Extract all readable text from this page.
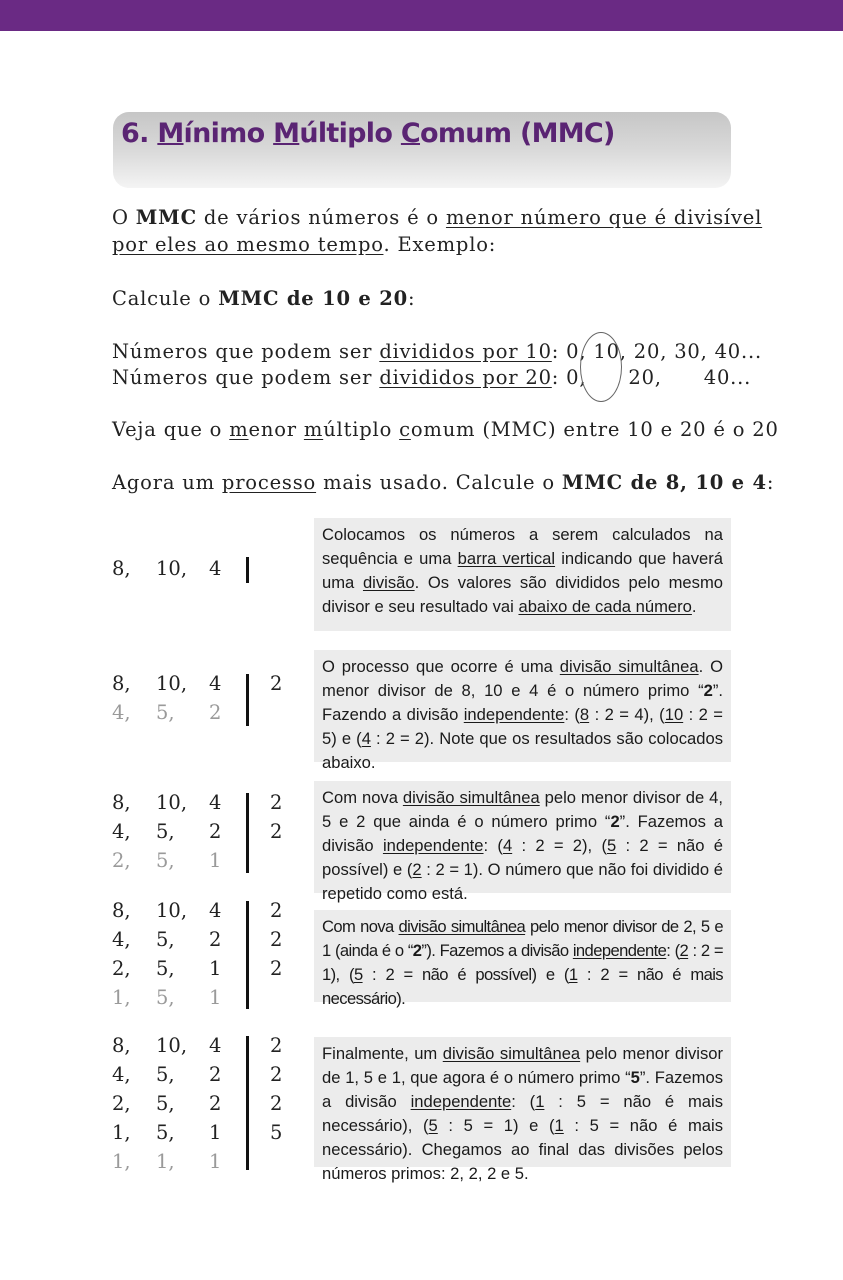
6. Mínimo Múltiplo Comum (MMC)
O MMC de vários números é o menor número que é divisível
por eles ao mesmo tempo. Exemplo:
Calcule o MMC de 10 e 20:
Números que podem ser divididos por 10: 0, 10, 20, 30, 40...
Números que podem ser divididos por 20: 0,      20,      40...
Veja que o menor múltiplo comum (MMC) entre 10 e 20 é o 20
Agora um processo mais usado. Calcule o MMC de 8, 10 e 4:
8, 10, 4
Colocamos os números a serem calculados na sequência e uma barra vertical indicando que haverá uma divisão. Os valores são divididos pelo mesmo divisor e seu resultado vai abaixo de cada número.
8, 10, 4 2
4, 5, 2
O processo que ocorre é uma divisão simultânea. O menor divisor de 8, 10 e 4 é o número primo “2”. Fazendo a divisão independente: (8 : 2 = 4), (10 : 2 = 5) e (4 : 2 = 2). Note que os resultados são colocados abaixo.
8, 10, 4 2
4, 5, 2 2
2, 5, 1
Com nova divisão simultânea pelo menor divisor de 4, 5 e 2 que ainda é o número primo “2”. Fazemos a divisão independente: (4 : 2 = 2), (5 : 2 = não é possível) e (2 : 2 = 1). O número que não foi dividido é repetido como está.
8, 10, 4 2
4, 5, 2 2
2, 5, 1 2
1, 5, 1
Com nova divisão simultânea pelo menor divisor de 2, 5 e 1 (ainda é o “2”). Fazemos a divisão independente: (2 : 2 = 1), (5 : 2 = não é possível) e (1 : 2 = não é mais necessário).
8, 10, 4 2
4, 5, 2 2
2, 5, 2 2
1, 5, 1 5
1, 1, 1
Finalmente, um divisão simultânea pelo menor divisor de 1, 5 e 1, que agora é o número primo “5”. Fazemos a divisão independente: (1 : 5 = não é mais necessário), (5 : 5 = 1) e (1 : 5 = não é mais necessário). Chegamos ao final das divisões pelos números primos: 2, 2, 2 e 5.
